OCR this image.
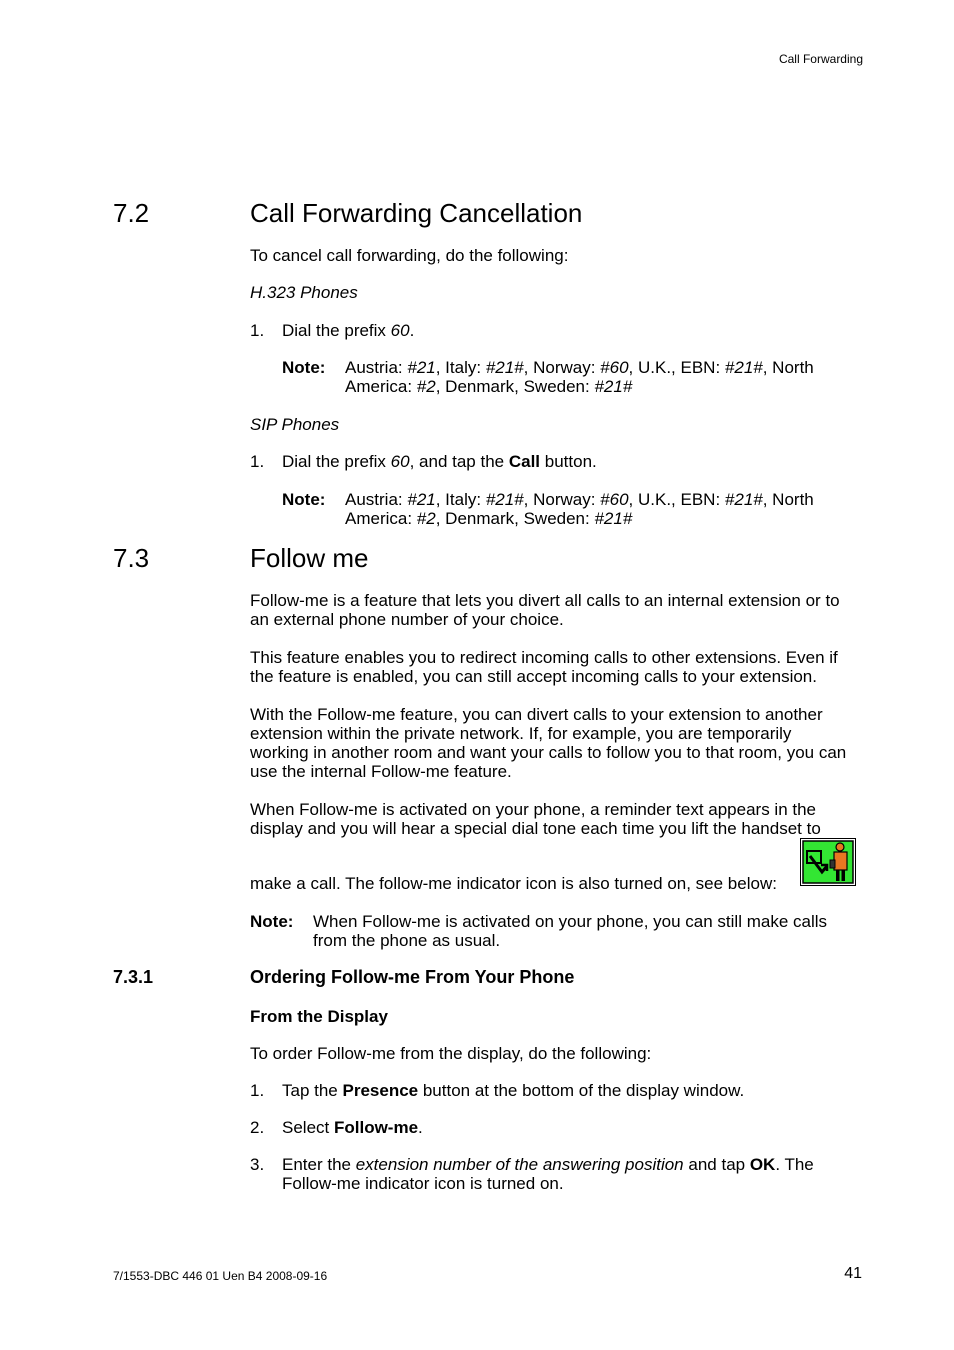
Call Forwarding
7.2	Call Forwarding Cancellation
To cancel call forwarding, do the following:
H.323 Phones
1. Dial the prefix 60.
Note: Austria: #21, Italy: #21#, Norway: #60, U.K., EBN: #21#, North
America: #2, Denmark, Sweden: #21#
SIP Phones
1. Dial the prefix 60, and tap the Call button.
Note: Austria: #21, Italy: #21#, Norway: #60, U.K., EBN: #21#, North
America: #2, Denmark, Sweden: #21#
7.3	Follow me
Follow-me is a feature that lets you divert all calls to an internal extension or to
an external phone number of your choice.
This feature enables you to redirect incoming calls to other extensions. Even if
the feature is enabled, you can still accept incoming calls to your extension.
With the Follow-me feature, you can divert calls to your extension to another
extension within the private network. If, for example, you are temporarily
working in another room and want your calls to follow you to that room, you can
use the internal Follow-me feature.
When Follow-me is activated on your phone, a reminder text appears in the
display and you will hear a special dial tone each time you lift the handset to
make a call. The follow-me indicator icon is also turned on, see below:
Note: When Follow-me is activated on your phone, you can still make calls
from the phone as usual.
7.3.1	Ordering Follow-me From Your Phone
From the Display
To order Follow-me from the display, do the following:
1. Tap the Presence button at the bottom of the display window.
2. Select Follow-me.
3. Enter the extension number of the answering position and tap OK. The
Follow-me indicator icon is turned on.
7/1553-DBC 446 01 Uen B4 2008-09-16	41
